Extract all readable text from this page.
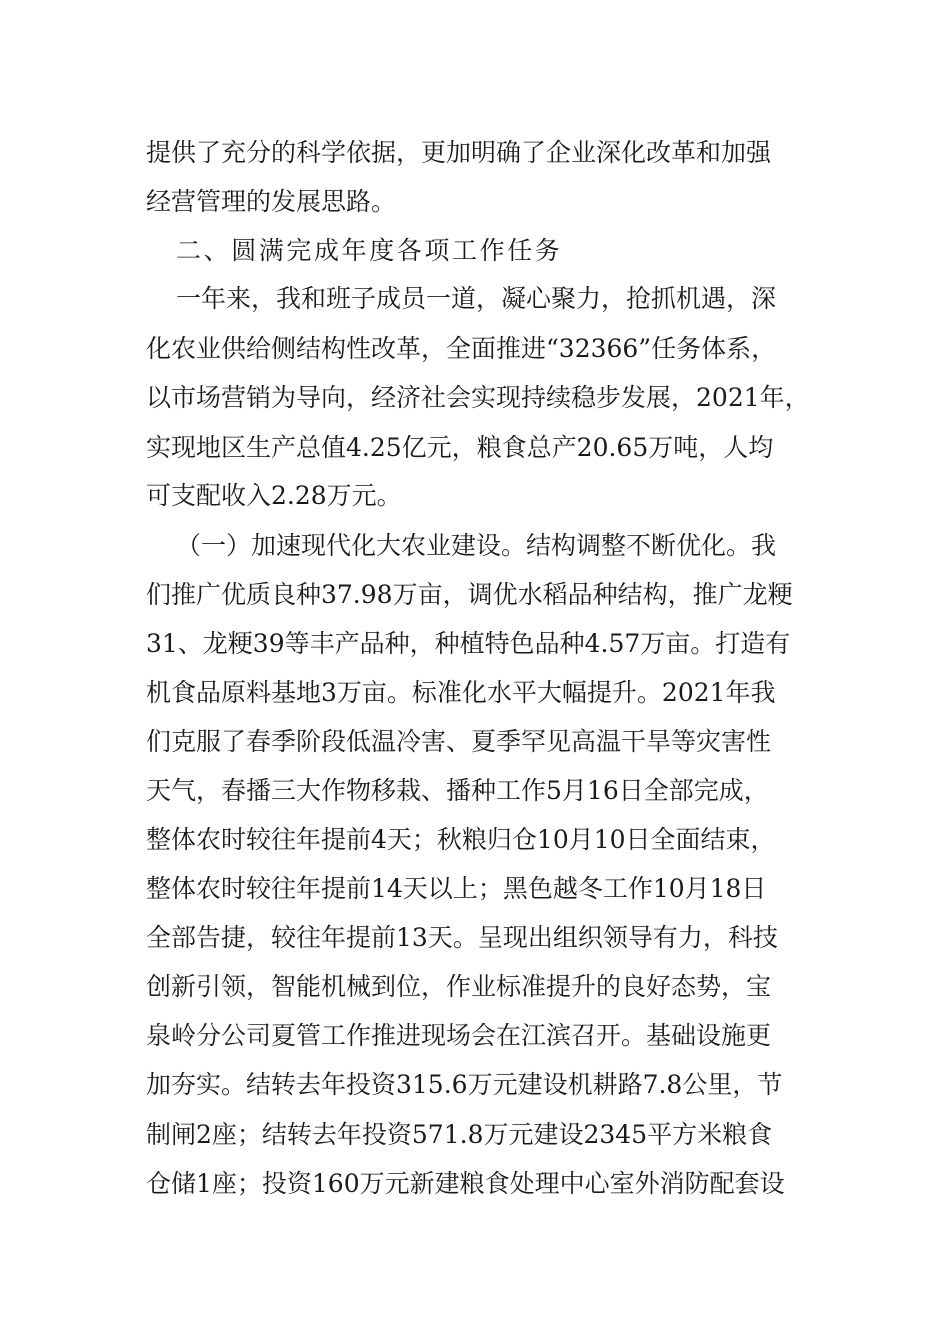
提供了充分的科学依据，更加明确了企业深化改革和加强
经营管理的发展思路。
二、圆满完成年度各项工作任务
一年来，我和班子成员一道，凝心聚力，抢抓机遇，深
化农业供给侧结构性改革，全面推进“32366”任务体系，
以市场营销为导向，经济社会实现持续稳步发展，2021年，
实现地区生产总值4.25亿元，粮食总产20.65万吨，人均
可支配收入2.28万元。
（一）加速现代化大农业建设。结构调整不断优化。我
们推广优质良种37.98万亩，调优水稻品种结构，推广龙粳
31、龙粳39等丰产品种，种植特色品种4.57万亩。打造有
机食品原料基地3万亩。标准化水平大幅提升。2021年我
们克服了春季阶段低温冷害、夏季罕见高温干旱等灾害性
天气，春播三大作物移栽、播种工作5月16日全部完成，
整体农时较往年提前4天；秋粮归仓10月10日全面结束，
整体农时较往年提前14天以上；黑色越冬工作10月18日
全部告捷，较往年提前13天。呈现出组织领导有力，科技
创新引领，智能机械到位，作业标准提升的良好态势，宝
泉岭分公司夏管工作推进现场会在江滨召开。基础设施更
加夯实。结转去年投资315.6万元建设机耕路7.8公里，节
制闸2座；结转去年投资571.8万元建设2345平方米粮食
仓储1座；投资160万元新建粮食处理中心室外消防配套设
